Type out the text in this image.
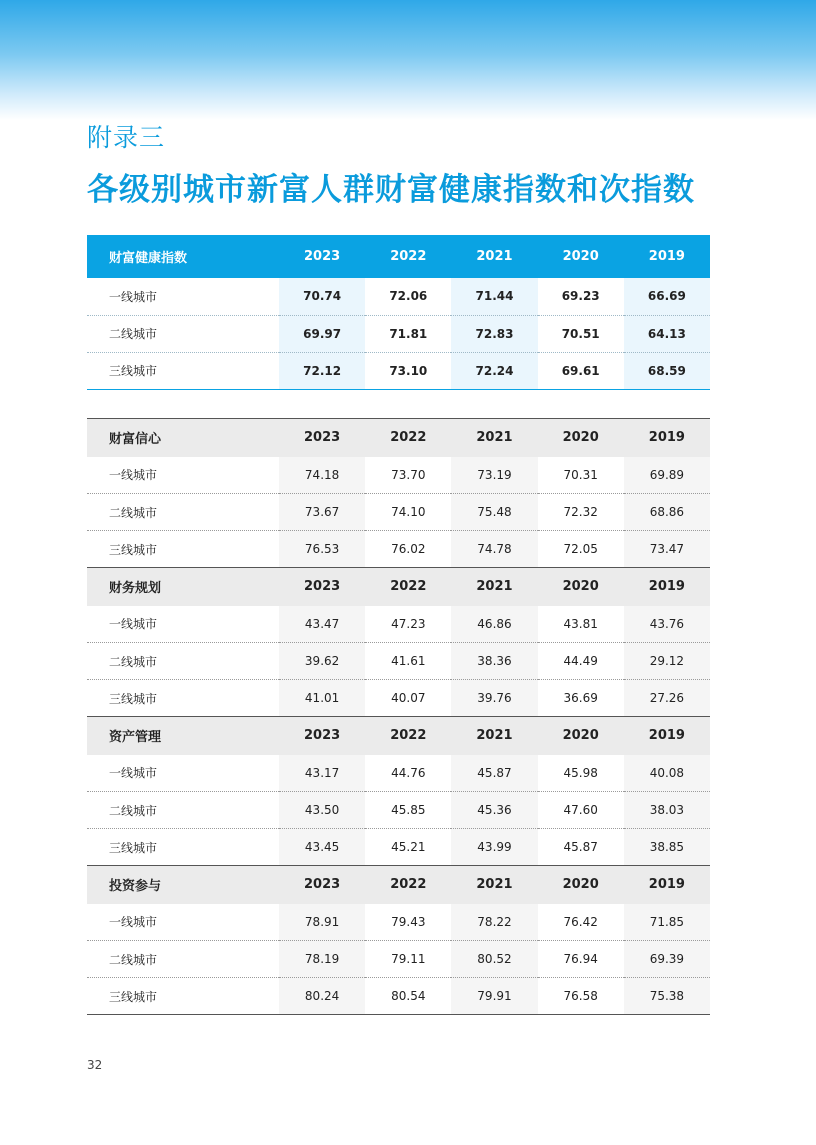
附录三
各级别城市新富人群财富健康指数和次指数
财富健康指数	2023	2022	2021	2020	2019
一线城市	70.74	72.06	71.44	69.23	66.69
二线城市	69.97	71.81	72.83	70.51	64.13
三线城市	72.12	73.10	72.24	69.61	68.59
财富信心	2023	2022	2021	2020	2019
一线城市	74.18	73.70	73.19	70.31	69.89
二线城市	73.67	74.10	75.48	72.32	68.86
三线城市	76.53	76.02	74.78	72.05	73.47
财务规划	2023	2022	2021	2020	2019
一线城市	43.47	47.23	46.86	43.81	43.76
二线城市	39.62	41.61	38.36	44.49	29.12
三线城市	41.01	40.07	39.76	36.69	27.26
资产管理	2023	2022	2021	2020	2019
一线城市	43.17	44.76	45.87	45.98	40.08
二线城市	43.50	45.85	45.36	47.60	38.03
三线城市	43.45	45.21	43.99	45.87	38.85
投资参与	2023	2022	2021	2020	2019
一线城市	78.91	79.43	78.22	76.42	71.85
二线城市	78.19	79.11	80.52	76.94	69.39
三线城市	80.24	80.54	79.91	76.58	75.38
32
